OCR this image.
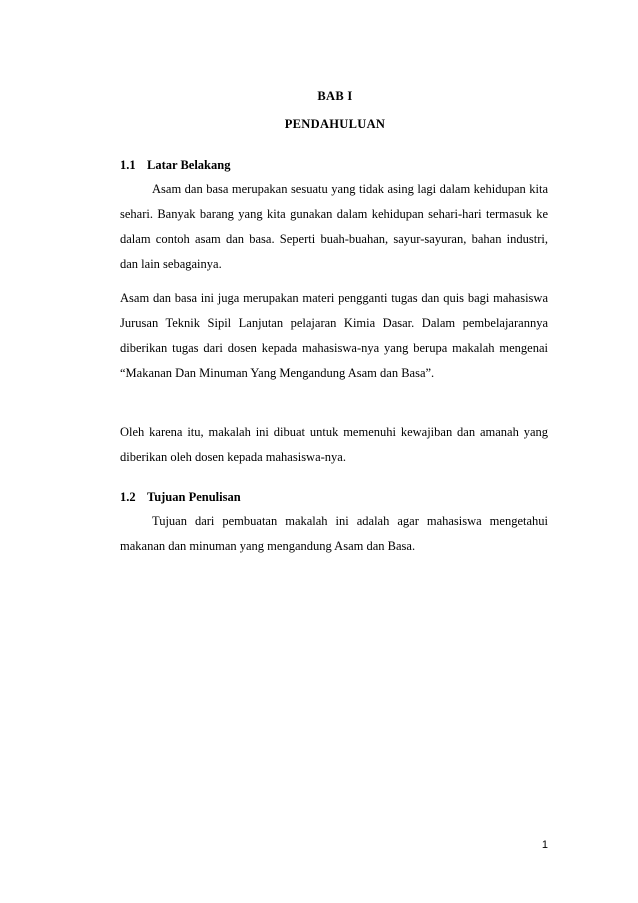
BAB I
PENDAHULUAN
1.1 Latar Belakang

Asam dan basa merupakan sesuatu yang tidak asing lagi dalam kehidupan kita sehari. Banyak barang yang kita gunakan dalam kehidupan sehari-hari termasuk ke dalam contoh asam dan basa. Seperti buah-buahan, sayur-sayuran, bahan industri, dan lain sebagainya.

Asam dan basa ini juga merupakan materi pengganti tugas dan quis bagi mahasiswa Jurusan Teknik Sipil Lanjutan pelajaran Kimia Dasar. Dalam pembelajarannya diberikan tugas dari dosen kepada mahasiswa-nya yang berupa makalah mengenai “Makanan Dan Minuman Yang Mengandung Asam dan Basa”.

Oleh karena itu, makalah ini dibuat untuk memenuhi kewajiban dan amanah yang diberikan oleh dosen kepada mahasiswa-nya.

1.2 Tujuan Penulisan

Tujuan dari pembuatan makalah ini adalah agar mahasiswa mengetahui makanan dan minuman yang mengandung Asam dan Basa.

1
